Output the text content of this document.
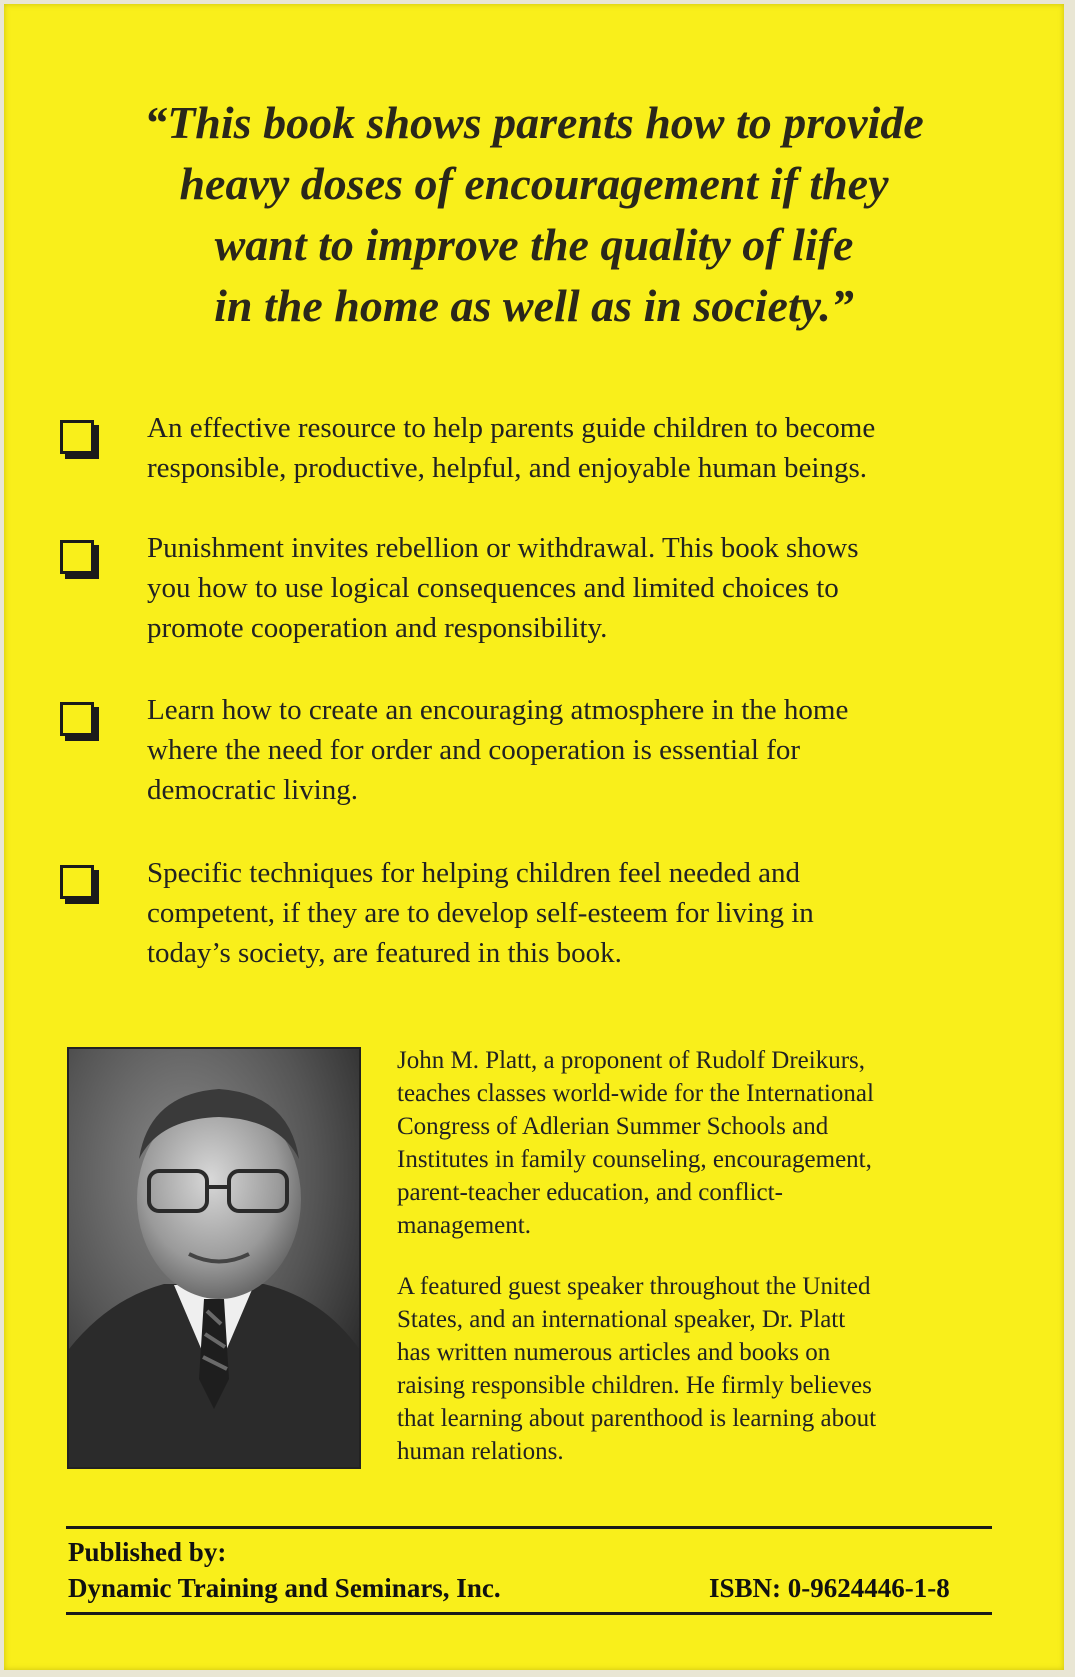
“This book shows parents how to provide
heavy doses of encouragement if they
want to improve the quality of life
in the home as well as in society.”
An effective resource to help parents guide children to become
responsible, productive, helpful, and enjoyable human beings.
Punishment invites rebellion or withdrawal. This book shows
you how to use logical consequences and limited choices to
promote cooperation and responsibility.
Learn how to create an encouraging atmosphere in the home
where the need for order and cooperation is essential for
democratic living.
Specific techniques for helping children feel needed and
competent, if they are to develop self-esteem for living in
today’s society, are featured in this book.
John M. Platt, a proponent of Rudolf Dreikurs,
teaches classes world-wide for the International
Congress of Adlerian Summer Schools and
Institutes in family counseling, encouragement,
parent-teacher education, and conflict-
management.
A featured guest speaker throughout the United
States, and an international speaker, Dr. Platt
has written numerous articles and books on
raising responsible children. He firmly believes
that learning about parenthood is learning about
human relations.
Published by:
Dynamic Training and Seminars, Inc.	ISBN: 0-9624446-1-8
